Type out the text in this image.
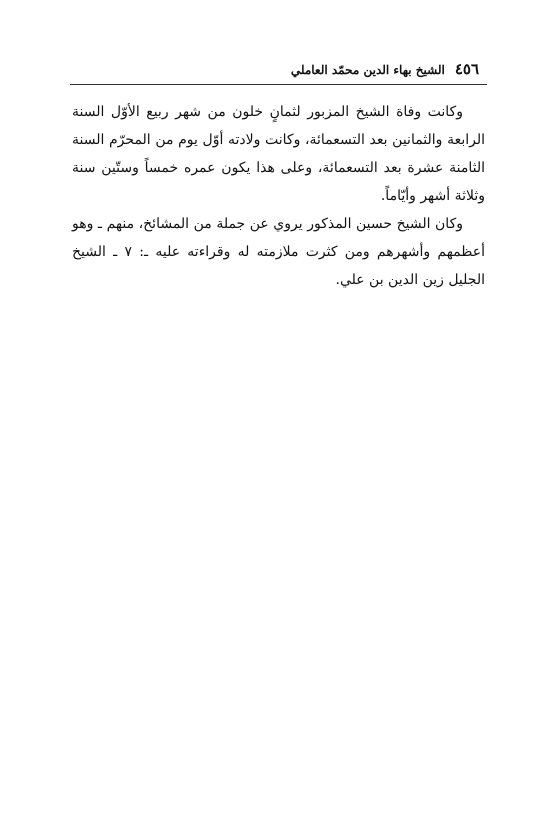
٤٥٦
الشيخ بهاء الدين محمّد العاملي

وكانت وفاة الشيخ المزبور لثمانٍ خلون من شهر ربيع الأوّل السنة الرابعة والثمانين بعد التسعمائة، وكانت ولادته أوّل يوم من المحرّم السنة الثامنة عشرة بعد التسعمائة، وعلى هذا يكون عمره خمساً وستّين سنة وثلاثة أشهر وأيّاماً.

وكان الشيخ حسين المذكور يروي عن جملة من المشائخ، منهم ـ وهو أعظمهم وأشهرهم ومن كثرت ملازمته له وقراءته عليه ـ: ٧ ـ الشيخ الجليل زين الدين بن علي.
